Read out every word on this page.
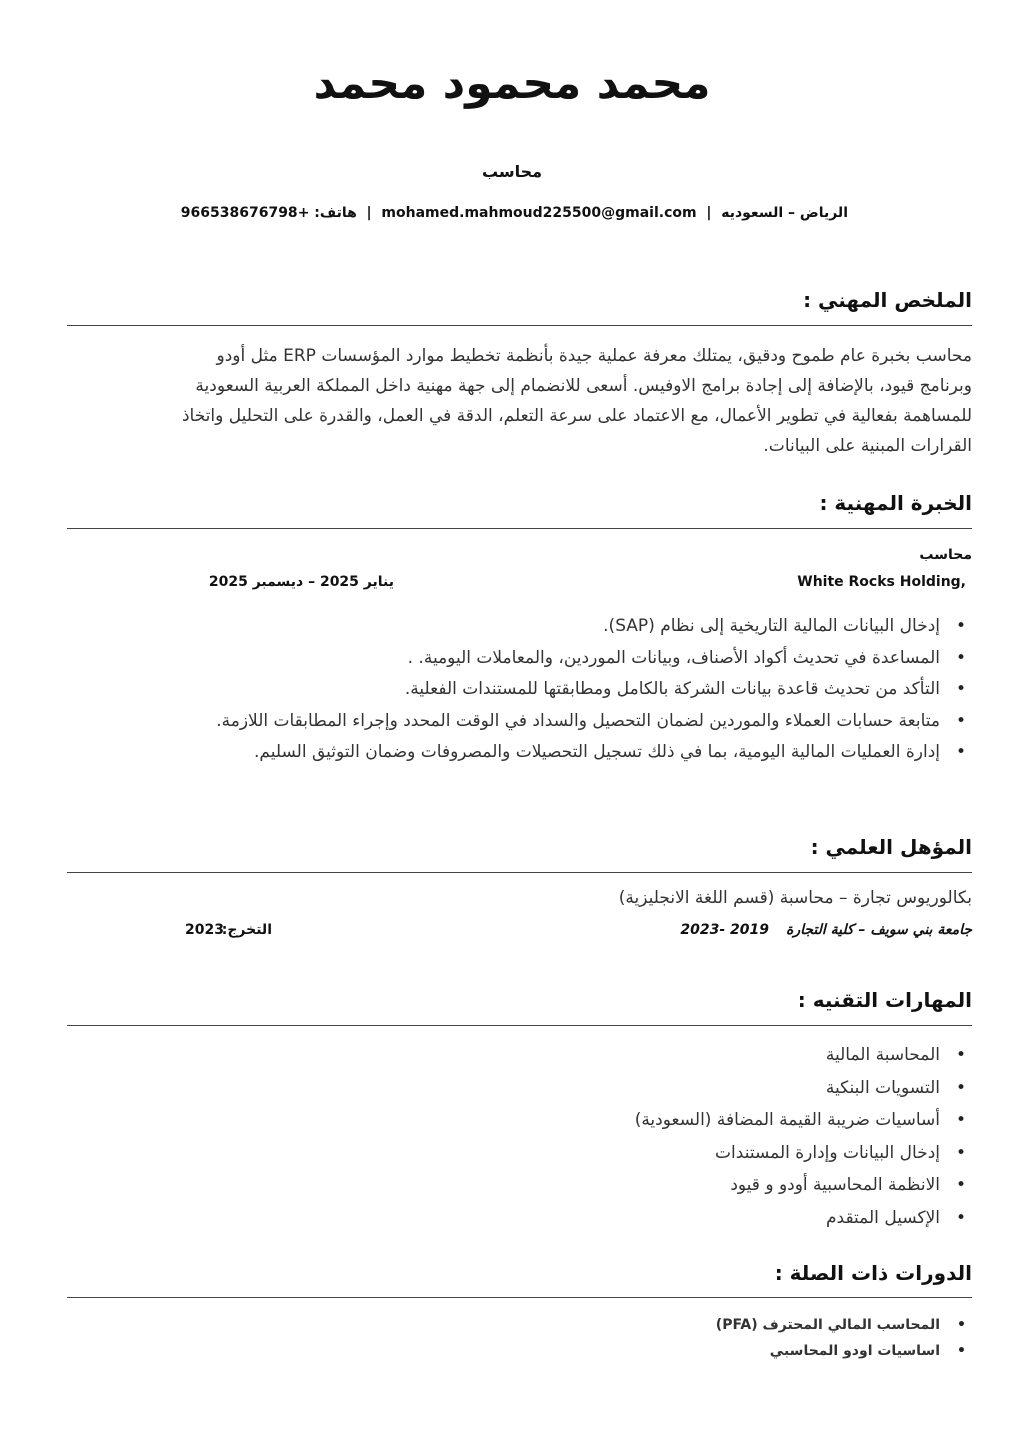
محمد محمود محمد
محاسب
الرياض – السعوديه  |  mohamed.mahmoud225500@gmail.com  |  هاتف: +966538676798
الملخص المهني :
محاسب بخبرة عام طموح ودقيق، يمتلك معرفة عملية جيدة بأنظمة تخطيط موارد المؤسسات ERP مثل أودو
وبرنامج قيود، بالإضافة إلى إجادة برامج الاوفيس. أسعى للانضمام إلى جهة مهنية داخل المملكة العربية السعودية
للمساهمة بفعالية في تطوير الأعمال، مع الاعتماد على سرعة التعلم، الدقة في العمل، والقدرة على التحليل واتخاذ
القرارات المبنية على البيانات.
الخبرة المهنية :
محاسب
White Rocks Holding,
يناير 2025 – ديسمبر 2025
•
إدخال البيانات المالية التاريخية إلى نظام (SAP).
•
المساعدة في تحديث أكواد الأصناف، وبيانات الموردين، والمعاملات اليومية. .
•
التأكد من تحديث قاعدة بيانات الشركة بالكامل ومطابقتها للمستندات الفعلية.
•
متابعة حسابات العملاء والموردين لضمان التحصيل والسداد في الوقت المحدد وإجراء المطابقات اللازمة.
•
إدارة العمليات المالية اليومية، بما في ذلك تسجيل التحصيلات والمصروفات وضمان التوثيق السليم.
المؤهل العلمي :
بكالوريوس تجارة – محاسبة (قسم اللغة الانجليزية)
جامعة بني سويف – كلية التجارة
2019 -2023
التخرج:
2023
المهارات التقنيه :
•
المحاسبة المالية
•
التسويات البنكية
•
أساسيات ضريبة القيمة المضافة (السعودية)
•
إدخال البيانات وإدارة المستندات
•
الانظمة المحاسبية أودو و قيود
•
الإكسيل المتقدم
الدورات ذات الصلة :
•
المحاسب المالي المحترف (PFA)
•
اساسيات اودو المحاسبي
